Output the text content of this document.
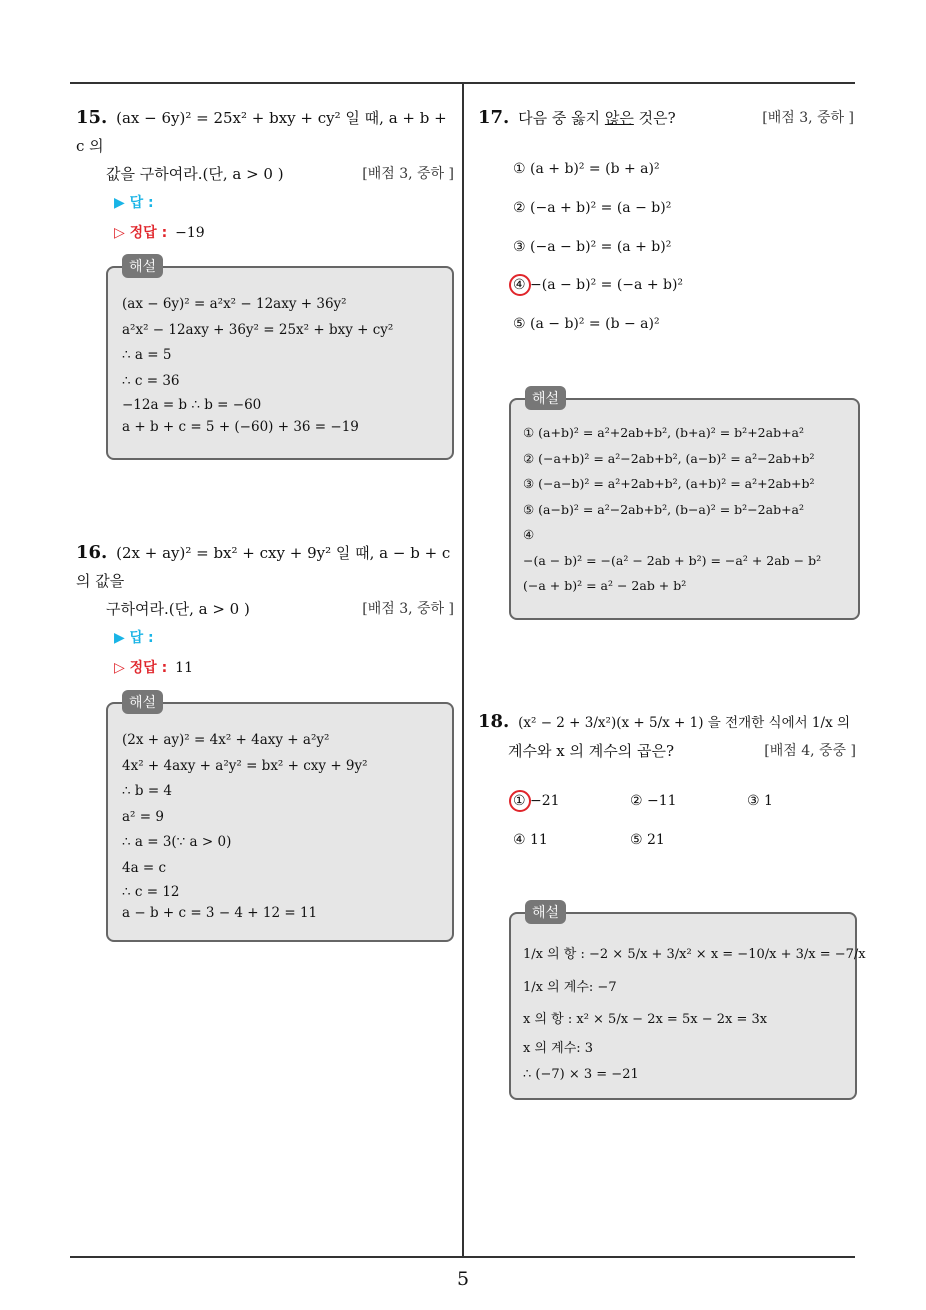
15. (ax − 6y)² = 25x² + bxy + cy² 일 때, a + b + c 의
값을 구하여라.(단, a > 0 )	[배점 3, 중하 ]
▶ 답 :
▷ 정답 : −19
해설
(ax − 6y)² = a²x² − 12axy + 36y²
a²x² − 12axy + 36y² = 25x² + bxy + cy²
∴ a = 5
∴ c = 36
−12a = b ∴ b = −60
a + b + c = 5 + (−60) + 36 = −19
16. (2x + ay)² = bx² + cxy + 9y² 일 때, a − b + c 의 값을
구하여라.(단, a > 0 )	[배점 3, 중하 ]
▶ 답 :
▷ 정답 : 11
해설
(2x + ay)² = 4x² + 4axy + a²y²
4x² + 4axy + a²y² = bx² + cxy + 9y²
∴ b = 4
a² = 9
∴ a = 3(∵ a > 0)
4a = c
∴ c = 12
a − b + c = 3 − 4 + 12 = 11
17. 다음 중 옳지 않은 것은?	[배점 3, 중하 ]
① (a + b)² = (b + a)²
② (−a + b)² = (a − b)²
③ (−a − b)² = (a + b)²
④ −(a − b)² = (−a + b)²
⑤ (a − b)² = (b − a)²
해설
① (a+b)² = a²+2ab+b², (b+a)² = b²+2ab+a²
② (−a+b)² = a²−2ab+b², (a−b)² = a²−2ab+b²
③ (−a−b)² = a²+2ab+b², (a+b)² = a²+2ab+b²
⑤ (a−b)² = a²−2ab+b², (b−a)² = b²−2ab+a²
④
−(a − b)² = −(a² − 2ab + b²) = −a² + 2ab − b²
(−a + b)² = a² − 2ab + b²
18. (x² − 2 + 3/x²)(x + 5/x + 1) 을 전개한 식에서 1/x 의
계수와 x 의 계수의 곱은?	[배점 4, 중중 ]
① −21	② −11	③ 1
④ 11	⑤ 21
해설
1/x 의 항 : −2 × 5/x + 3/x² × x = −10/x + 3/x = −7/x
1/x 의 계수: −7
x 의 항 : x² × 5/x − 2x = 5x − 2x = 3x
x 의 계수: 3
∴ (−7) × 3 = −21
5
